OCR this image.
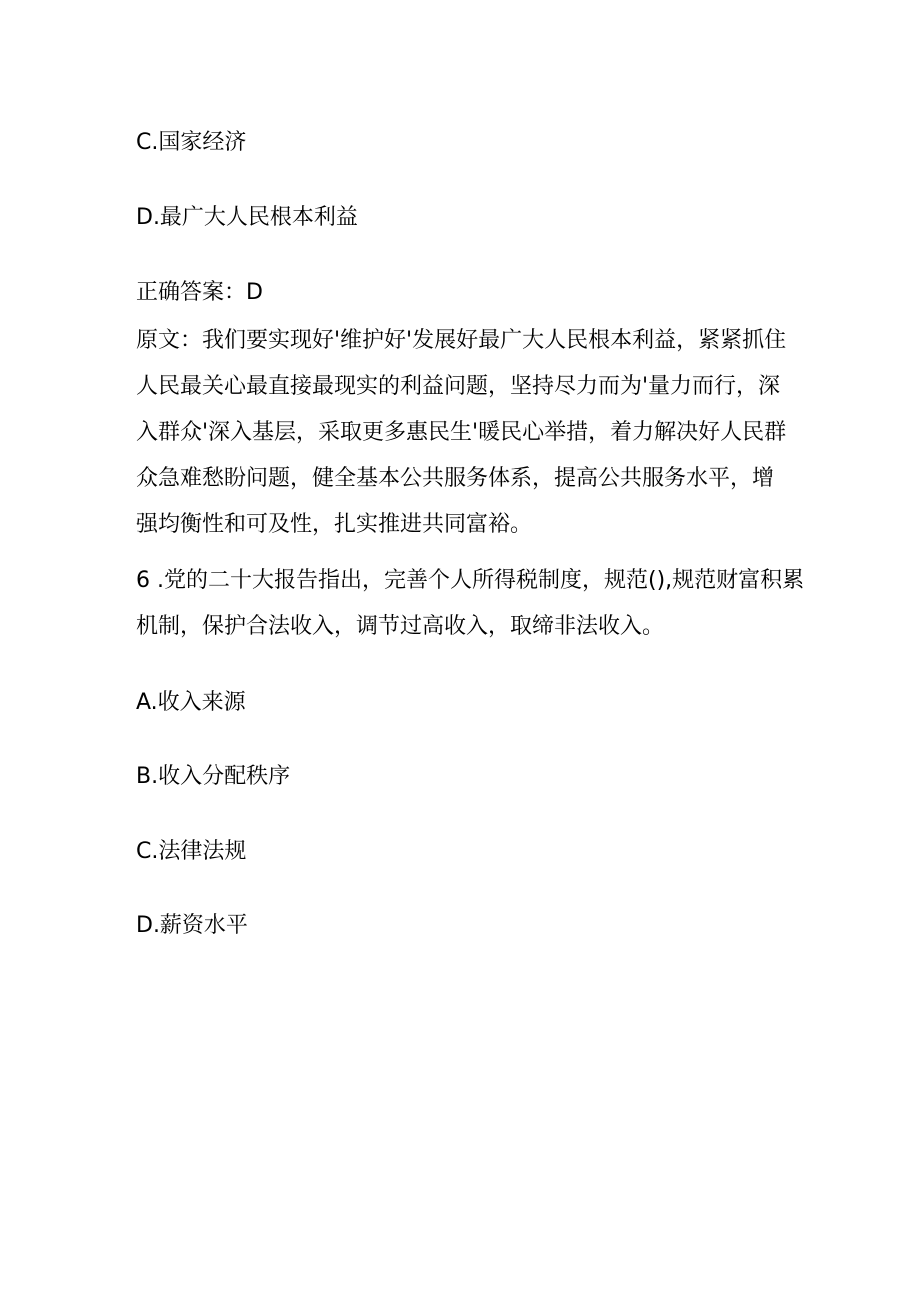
C.国家经济

D.最广大人民根本利益

正确答案：D

原文：我们要实现好'维护好'发展好最广大人民根本利益，紧紧抓住
人民最关心最直接最现实的利益问题，坚持尽力而为'量力而行，深
入群众'深入基层，采取更多惠民生'暖民心举措，着力解决好人民群
众急难愁盼问题，健全基本公共服务体系，提高公共服务水平，增
强均衡性和可及性，扎实推进共同富裕。
6 .党的二十大报告指出，完善个人所得税制度，规范(),规范财富积累
机制，保护合法收入，调节过高收入，取缔非法收入。

A.收入来源

B.收入分配秩序

C.法律法规

D.薪资水平
